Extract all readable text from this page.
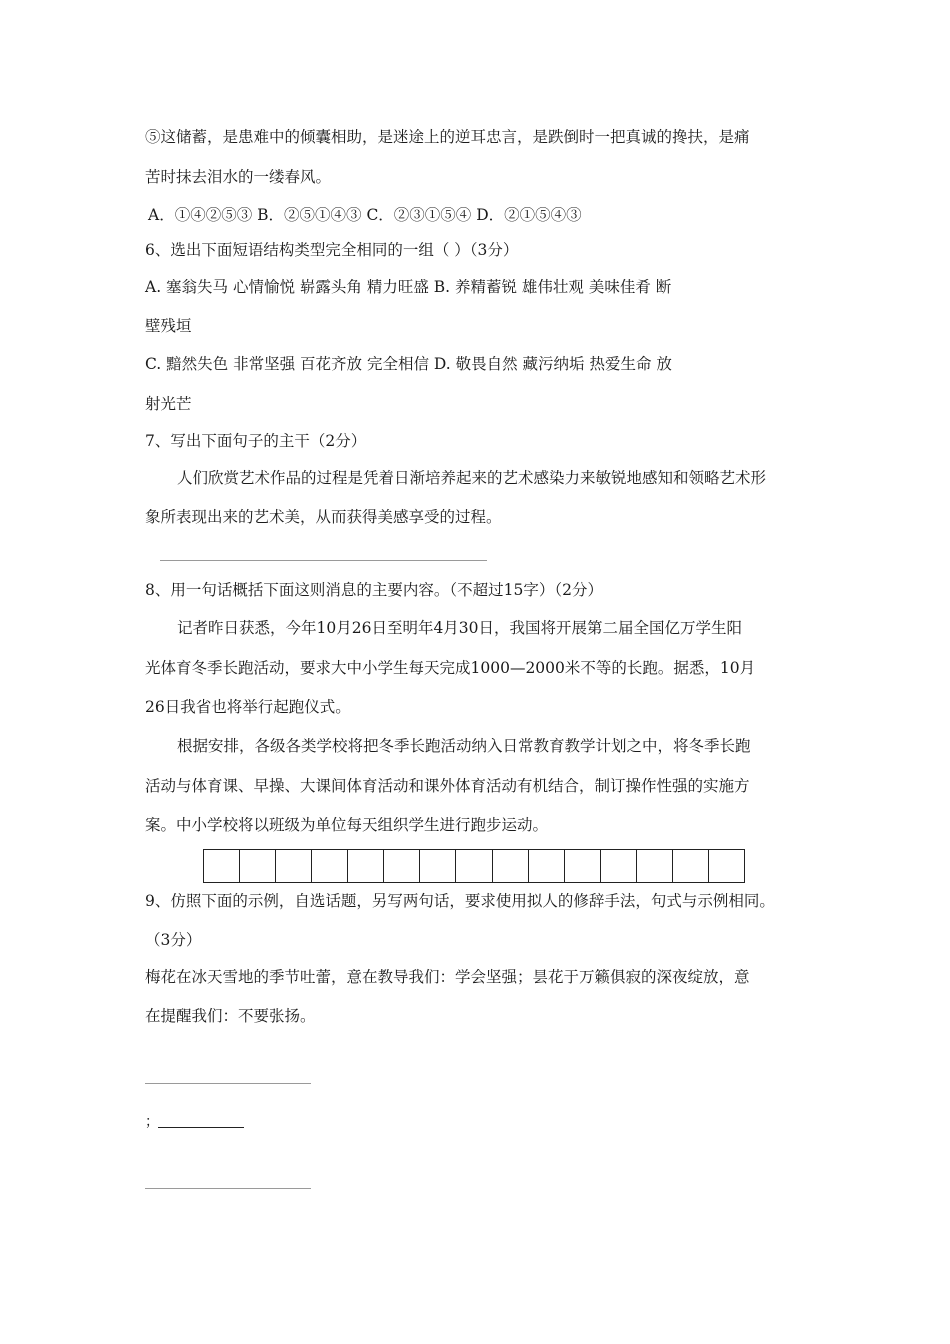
⑤这储蓄，是患难中的倾囊相助，是迷途上的逆耳忠言，是跌倒时一把真诚的搀扶，是痛
苦时抹去泪水的一缕春风。
A．①④②⑤③ B．②⑤①④③ C．②③①⑤④ D．②①⑤④③
6、选出下面短语结构类型完全相同的一组（ ）（3分）
A. 塞翁失马 心情愉悦 崭露头角 精力旺盛 B. 养精蓄锐 雄伟壮观 美味佳肴 断
壁残垣
C. 黯然失色 非常坚强 百花齐放 完全相信 D. 敬畏自然 藏污纳垢 热爱生命 放
射光芒
7、写出下面句子的主干（2分）
人们欣赏艺术作品的过程是凭着日渐培养起来的艺术感染力来敏锐地感知和领略艺术形
象所表现出来的艺术美，从而获得美感享受的过程。
8、用一句话概括下面这则消息的主要内容。（不超过15字）（2分）
记者昨日获悉，今年10月26日至明年4月30日，我国将开展第二届全国亿万学生阳
光体育冬季长跑活动，要求大中小学生每天完成1000—2000米不等的长跑。据悉，10月
26日我省也将举行起跑仪式。
根据安排，各级各类学校将把冬季长跑活动纳入日常教育教学计划之中，将冬季长跑
活动与体育课、早操、大课间体育活动和课外体育活动有机结合，制订操作性强的实施方
案。中小学校将以班级为单位每天组织学生进行跑步运动。
9、仿照下面的示例，自选话题，另写两句话，要求使用拟人的修辞手法，句式与示例相同。
（3分）
梅花在冰天雪地的季节吐蕾，意在教导我们：学会坚强；昙花于万籁俱寂的深夜绽放，意
在提醒我们：不要张扬。
；
